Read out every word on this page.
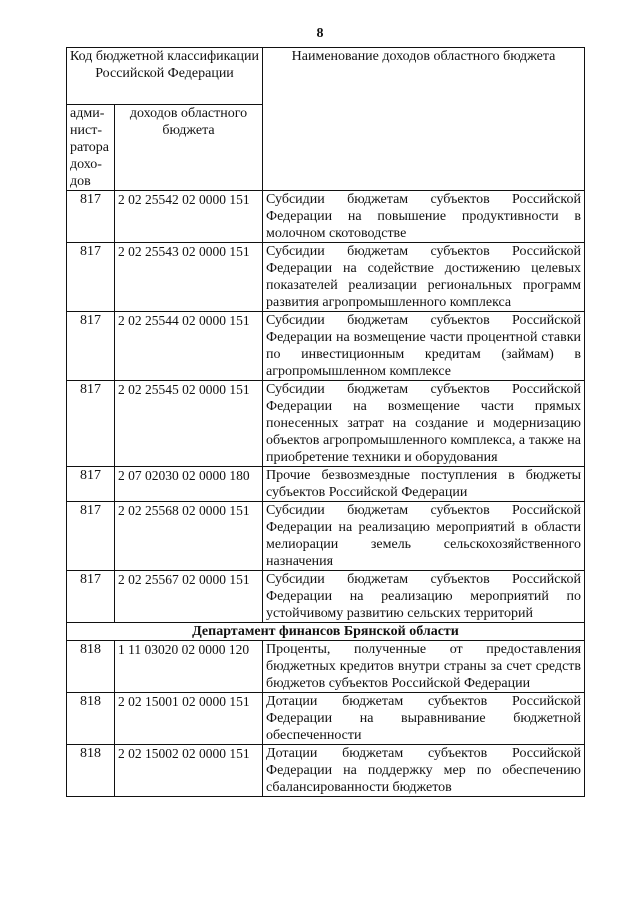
8
Код бюджетной классификации Российской Федерации		Наименование доходов областного бюджета
адми-нист-ратора дохо-дов	доходов областного бюджета	
817	2 02 25542 02 0000 151	Субсидии бюджетам субъектов Российской Федерации на повышение продуктивности в молочном скотоводстве
817	2 02 25543 02 0000 151	Субсидии бюджетам субъектов Российской Федерации на содействие достижению целевых показателей реализации региональных программ развития агропромышленного комплекса
817	2 02 25544 02 0000 151	Субсидии бюджетам субъектов Российской Федерации на возмещение части процентной ставки по инвестиционным кредитам (займам) в агропромышленном комплексе
817	2 02 25545 02 0000 151	Субсидии бюджетам субъектов Российской Федерации на возмещение части прямых понесенных затрат на создание и модернизацию объектов агропромышленного комплекса, а также на приобретение техники и оборудования
817	2 07 02030 02 0000 180	Прочие безвозмездные поступления в бюджеты субъектов Российской Федерации
817	2 02 25568 02 0000 151	Субсидии бюджетам субъектов Российской Федерации на реализацию мероприятий в области мелиорации земель сельскохозяйственного назначения
817	2 02 25567 02 0000 151	Субсидии бюджетам субъектов Российской Федерации на реализацию мероприятий по устойчивому развитию сельских территорий
Департамент финансов Брянской области		
818	1 11 03020 02 0000 120	Проценты, полученные от предоставления бюджетных кредитов внутри страны за счет средств бюджетов субъектов Российской Федерации
818	2 02 15001 02 0000 151	Дотации бюджетам субъектов Российской Федерации на выравнивание бюджетной обеспеченности
818	2 02 15002 02 0000 151	Дотации бюджетам субъектов Российской Федерации на поддержку мер по обеспечению сбалансированности бюджетов
